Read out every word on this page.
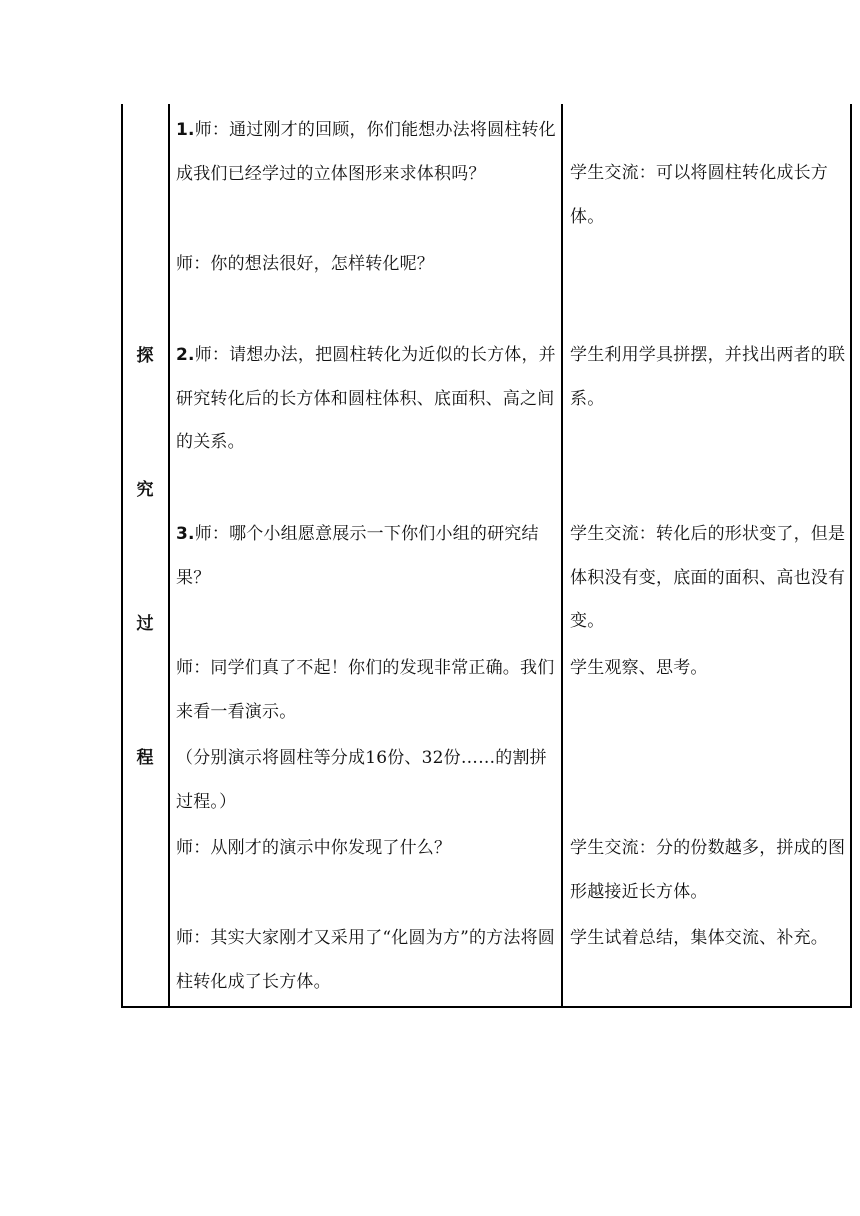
探
究
过
程

1.师：通过刚才的回顾，你们能想办法将圆柱转化成我们已经学过的立体图形来求体积吗？

师：你的想法很好，怎样转化呢？

2.师：请想办法，把圆柱转化为近似的长方体，并研究转化后的长方体和圆柱体积、底面积、高之间的关系。

3.师：哪个小组愿意展示一下你们小组的研究结果？

师：同学们真了不起！你们的发现非常正确。我们来看一看演示。

（分别演示将圆柱等分成16份、32份……的割拼过程。）

师：从刚才的演示中你发现了什么？

师：其实大家刚才又采用了“化圆为方”的方法将圆柱转化成了长方体。

学生交流：可以将圆柱转化成长方体。

学生利用学具拼摆，并找出两者的联系。

学生交流：转化后的形状变了，但是体积没有变，底面的面积、高也没有变。

学生观察、思考。

学生交流：分的份数越多，拼成的图形越接近长方体。

学生试着总结，集体交流、补充。
